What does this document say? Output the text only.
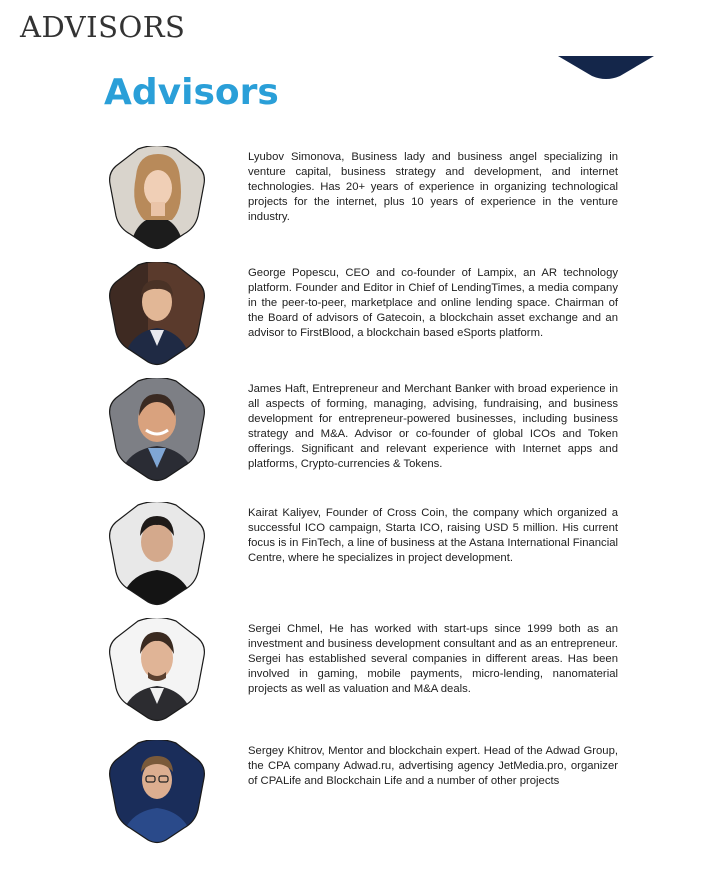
ADVISORS
Advisors

Lyubov Simonova, Business lady and business angel specializing in venture capital, business strategy and development, and internet technologies. Has 20+ years of experience in organizing technological projects for the internet, plus 10 years of experience in the venture industry.

George Popescu, CEO and co-founder of Lampix, an AR technology platform. Founder and Editor in Chief of LendingTimes, a media company in the peer-to-peer, marketplace and online lending space. Chairman of the Board of advisors of Gatecoin, a blockchain asset exchange and an advisor to FirstBlood, a blockchain based eSports platform.

James Haft, Entrepreneur and Merchant Banker with broad experience in all aspects of forming, managing, advising, fundraising, and business development for entrepreneur-powered businesses, including business strategy and M&A. Advisor or co-founder of global ICOs and Token offerings. Significant and relevant experience with Internet apps and platforms, Crypto-currencies & Tokens.

Kairat Kaliyev, Founder of Cross Coin, the company which organized a successful ICO campaign, Starta ICO, raising USD 5 million. His current focus is in FinTech, a line of business at the Astana International Financial Centre, where he specializes in project development.

Sergei Chmel, He has worked with start-ups since 1999 both as an investment and business development consultant and as an entrepreneur. Sergei has established several companies in different areas. Has been involved in gaming, mobile payments, micro-lending, nanomaterial projects as well as valuation and M&A deals.

Sergey Khitrov, Mentor and blockchain expert. Head of the Adwad Group, the CPA company Adwad.ru, advertising agency JetMedia.pro, organizer of CPALife and Blockchain Life and a number of other projects
